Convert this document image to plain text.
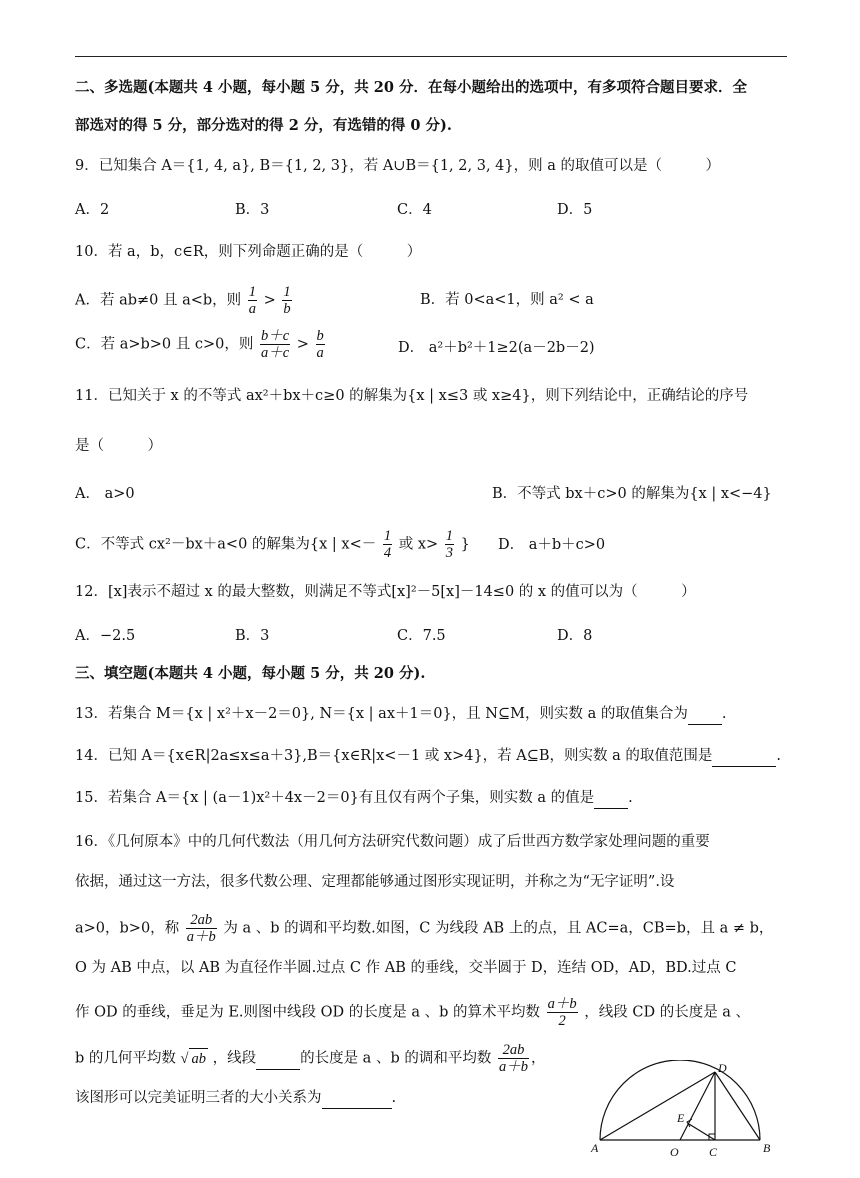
二、多选题(本题共 4 小题，每小题 5 分，共 20 分．在每小题给出的选项中，有多项符合题目要求．全
部选对的得 5 分，部分选对的得 2 分，有选错的得 0 分).
9．已知集合 A＝{1, 4, a}, B＝{1, 2, 3}，若 A∪B＝{1, 2, 3, 4}，则 a 的取值可以是（　　　）
A．2	B．3	C．4	D．5
10．若 a，b，c∈R，则下列命题正确的是（　　　）
A．若 ab≠0 且 a<b，则 $\frac{1}{a} > \frac{1}{b}$	B．若 0<a<1，则 a² < a
C．若 a>b>0 且 c>0，则 $\frac{b+c}{a+c} > \frac{b}{a}$	D． a²＋b²＋1≥2(a－2b－2)
11．已知关于 x 的不等式 ax²＋bx＋c≥0 的解集为{x | x≤3 或 x≥4}，则下列结论中，正确结论的序号
是（　　　）
A． a>0	B．不等式 bx＋c>0 的解集为{x | x<−4}
C．不等式 cx²－bx＋a<0 的解集为{x | $x<- \frac{1}{4}$ 或 $x> \frac{1}{3}$ } D． a＋b＋c>0
12．[x]表示不超过 x 的最大整数，则满足不等式[x]²－5[x]－14≤0 的 x 的值可以为（　　　）
A．−2.5	B．3	C．7.5	D．8
三、填空题(本题共 4 小题，每小题 5 分，共 20 分).
13．若集合 M＝{x | x²＋x－2＝0}, N＝{x | ax＋1＝0}，且 N⊆M，则实数 a 的取值集合为 .
14．已知 A＝{x∈R|2a≤x≤a＋3},B＝{x∈R|x<－1 或 x>4}，若 A⊆B，则实数 a 的取值范围是	.
15．若集合 A＝{x | (a－1)x²＋4x－2＝0}有且仅有两个子集，则实数 a 的值是 .
16．《几何原本》中的几何代数法（用几何方法研究代数问题）成了后世西方数学家处理问题的重要
依据，通过这一方法，很多代数公理、定理都能够通过图形实现证明，并称之为“无字证明”.设
a>0，b>0，称 $\frac{2ab}{a+b}$ 为 a 、b 的调和平均数.如图，C 为线段 AB 上的点，且 AC=a，CB=b，且 a ≠ b，
O 为 AB 中点，以 AB 为直径作半圆.过点 C 作 AB 的垂线，交半圆于 D，连结 OD，AD，BD.过点 C
作 OD 的垂线，垂足为 E.则图中线段 OD 的长度是 a 、b 的算术平均数 $\frac{a+b}{2}$ ，线段 CD 的长度是 a 、
b 的几何平均数 √ ab ，线段	的长度是 a 、b 的调和平均数 $\frac{2ab}{a+b}$ ，
该图形可以完美证明三者的大小关系为	.
A	O	C	B
D
E
